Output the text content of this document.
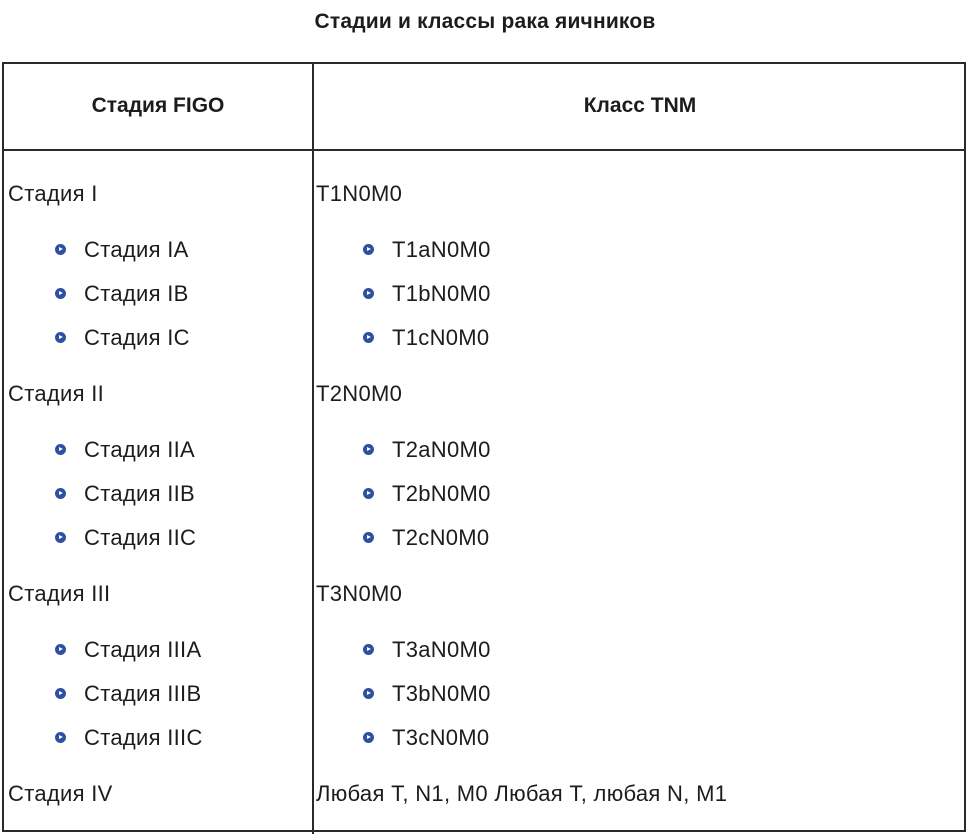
Стадии и классы рака яичников
Стадия FIGO	Класс TNM
Стадия I	T1N0M0
Стадия IA	T1aN0M0
Стадия IB	T1bN0M0
Стадия IC	T1cN0M0
Стадия II	T2N0M0
Стадия IIA	T2aN0M0
Стадия IIB	T2bN0M0
Стадия IIC	T2cN0M0
Стадия III	T3N0M0
Стадия IIIA	T3aN0M0
Стадия IIIB	T3bN0M0
Стадия IIIC	T3cN0M0
Стадия IV	Любая T, N1, M0 Любая T, любая N, M1
